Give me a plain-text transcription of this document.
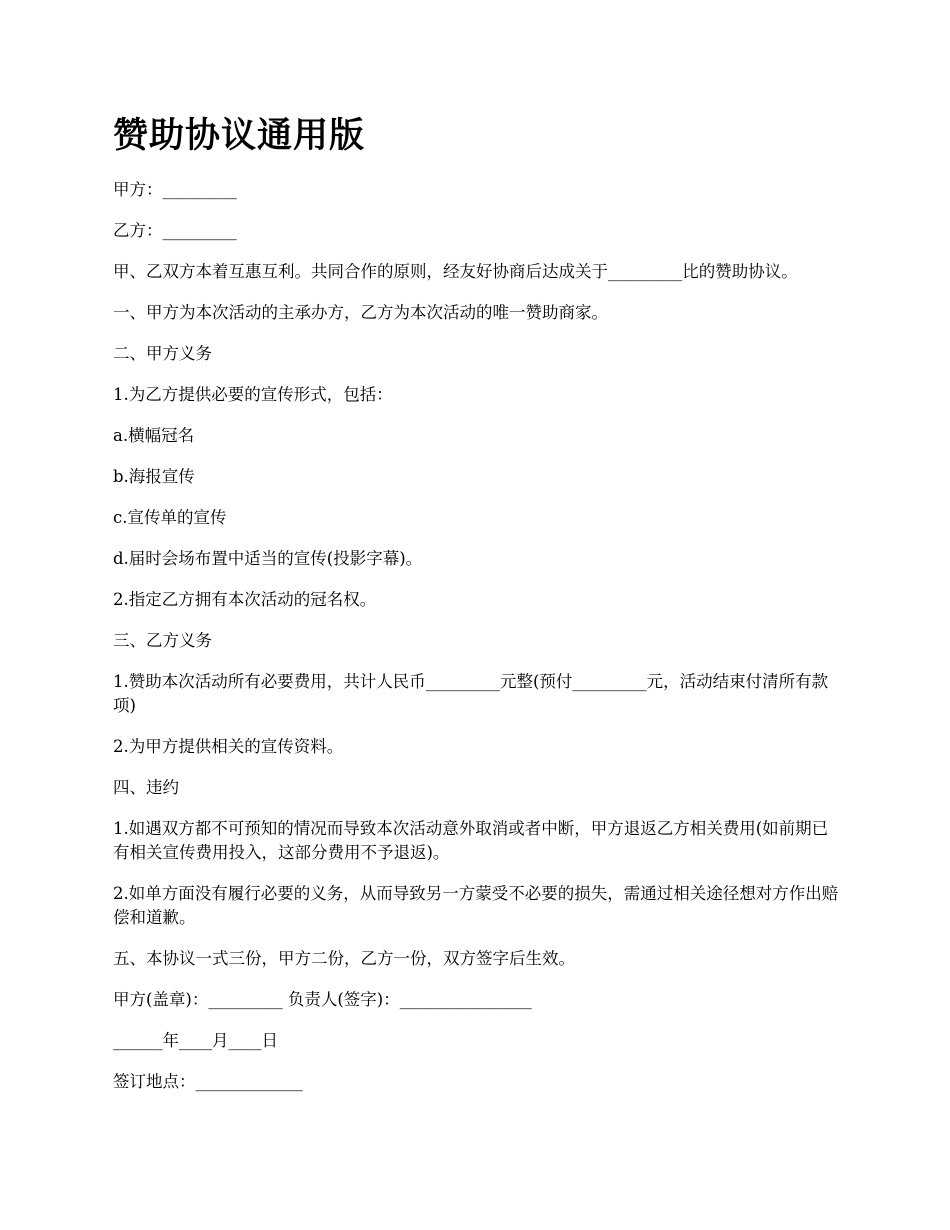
赞助协议通用版

甲方：_________

乙方：_________

甲、乙双方本着互惠互利。共同合作的原则，经友好协商后达成关于_________比的赞助协议。

一、甲方为本次活动的主承办方，乙方为本次活动的唯一赞助商家。

二、甲方义务

1.为乙方提供必要的宣传形式，包括：

a.横幅冠名

b.海报宣传

c.宣传单的宣传

d.届时会场布置中适当的宣传(投影字幕)。

2.指定乙方拥有本次活动的冠名权。

三、乙方义务

1.赞助本次活动所有必要费用，共计人民币_________元整(预付_________元，活动结束付清所有款项)

2.为甲方提供相关的宣传资料。

四、违约

1.如遇双方都不可预知的情况而导致本次活动意外取消或者中断，甲方退返乙方相关费用(如前期已有相关宣传费用投入，这部分费用不予退返)。

2.如单方面没有履行必要的义务，从而导致另一方蒙受不必要的损失，需通过相关途径想对方作出赔偿和道歉。

五、本协议一式三份，甲方二份，乙方一份，双方签字后生效。

甲方(盖章)：_________ 负责人(签字)：________________

______年____月____日

签订地点：_____________
